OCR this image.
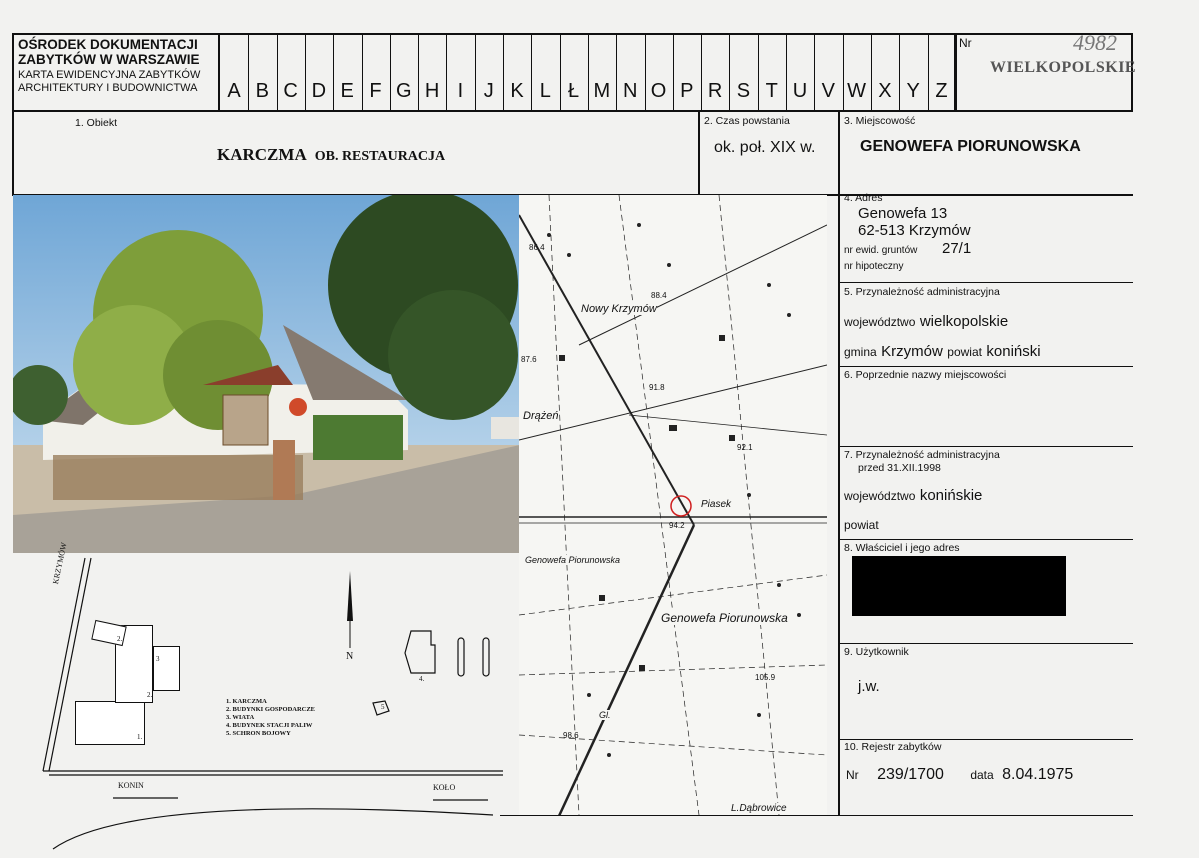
OŚRODEK DOKUMENTACJI
ZABYTKÓW W WARSZAWIE
KARTA EWIDENCYJNA ZABYTKÓW
ARCHITEKTURY I BUDOWNICTWA	A B C D E F G H I	J K L Ł M N O P R S T U V W X Y Z
Nr	4982
WIELKOPOLSKIE
1. Obiekt
KARCZMA OB. RESTAURACJA
2. Czas powstania
ok. poł. XIX w.
3. Miejscowość
GENOWEFA PIORUNOWSKA
Nowy Krzymów
Drążeń
Piasek
Genowefa Piorunowska
Genowefa Piorunowska
Gl.
L.Dąbrowice
86.4
88.4
87.6
91.8
92.1
94.2
105.9
98.6
4. Adres
Genowefa 13
62-513 Krzymów
nr ewid. gruntów 27/1
nr hipoteczny
5. Przynależność administracyjna
województwo wielkopolskie
gmina Krzymów powiat koniński
6. Poprzednie nazwy miejscowości
7. Przynależność administracyjna
przed 31.XII.1998
województwo konińskie
powiat
8. Właściciel i jego adres
9. Użytkownik
j.w.
10. Rejestr zabytków
Nr 239/1700 data 8.04.1975
1.
2.
2.
3
4.
5
KRZYMÓW
KONIN	KOŁO
N
1. KARCZMA
2. BUDYNKI GOSPODARCZE
3. WIATA
4. BUDYNEK STACJI PALIW
5. SCHRON BOJOWY
